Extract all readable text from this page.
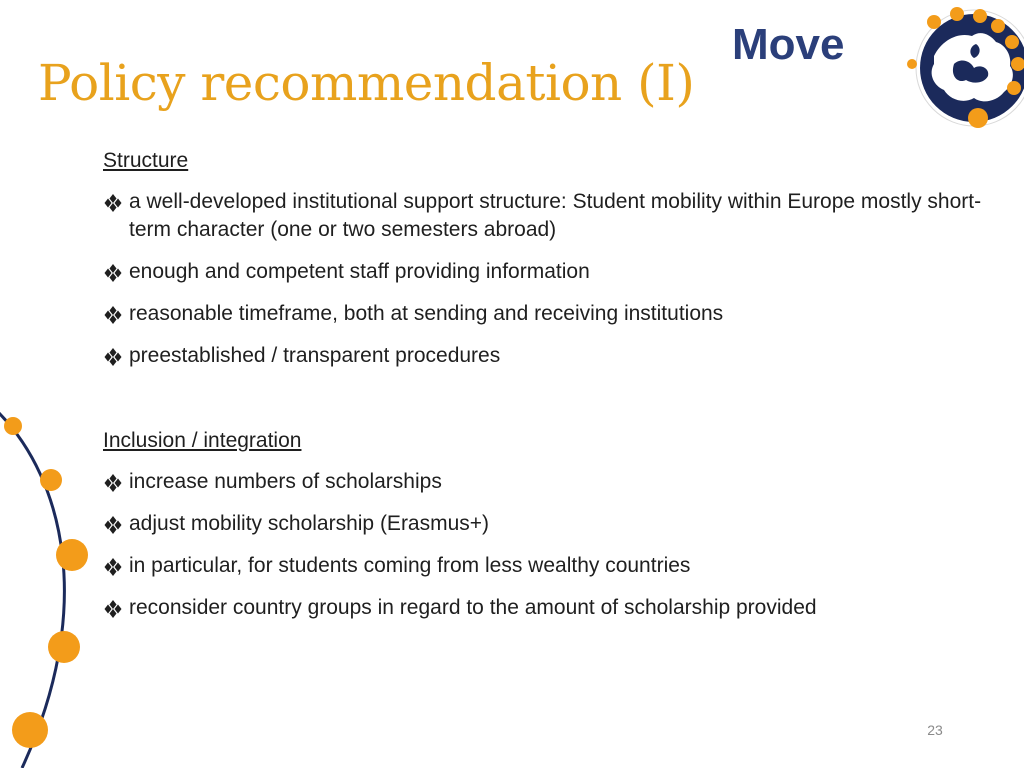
Move
Policy recommendation (I)
Structure
a well-developed institutional support structure: Student mobility within Europe mostly short-term character (one or two semesters abroad)
enough and competent staff providing information
reasonable timeframe, both at sending and receiving institutions
preestablished / transparent procedures
Inclusion / integration
increase numbers of scholarships
adjust mobility scholarship (Erasmus+)
in particular, for students coming from less wealthy countries
reconsider country groups in regard to the amount of scholarship provided
23
